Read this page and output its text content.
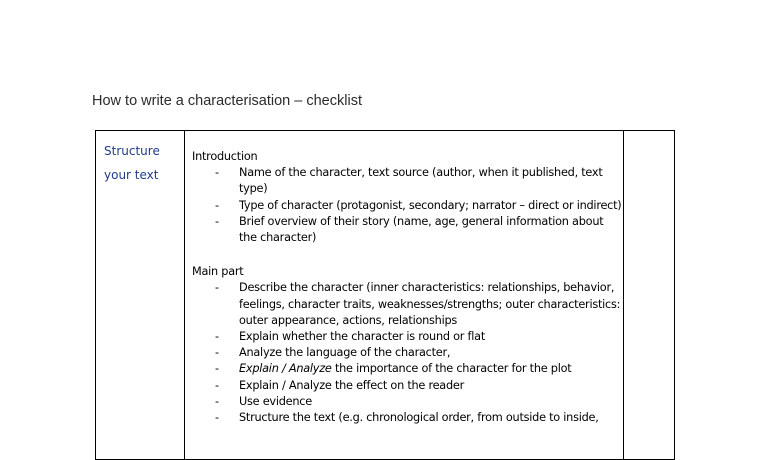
How to write a characterisation – checklist
Structure
your text
Introduction
- Name of the character, text source (author, when it published, text type)
- Type of character (protagonist, secondary; narrator – direct or indirect)
- Brief overview of their story (name, age, general information about the character)
Main part
- Describe the character (inner characteristics: relationships, behavior, feelings, character traits, weaknesses/strengths; outer characteristics: outer appearance, actions, relationships
- Explain whether the character is round or flat
- Analyze the language of the character,
- Explain / Analyze the importance of the character for the plot
- Explain / Analyze the effect on the reader
- Use evidence
- Structure the text (e.g. chronological order, from outside to inside,
